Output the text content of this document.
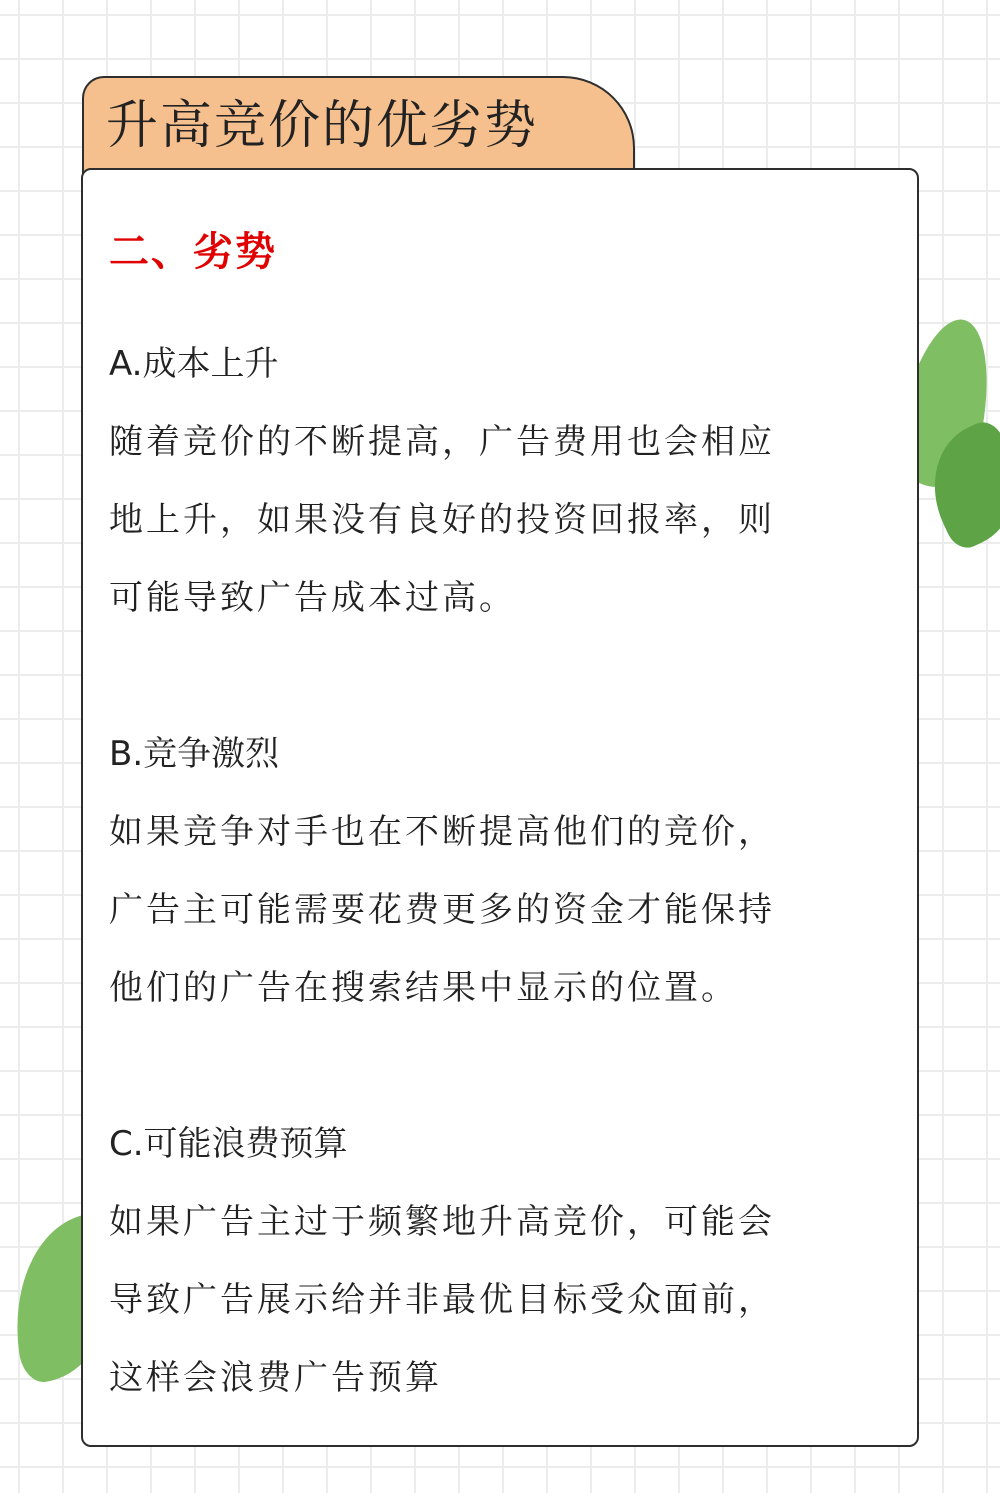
升高竞价的优劣势
二、劣势
A.成本上升

随着竞价的不断提高，广告费用也会相应

地上升，如果没有良好的投资回报率，则

可能导致广告成本过高。

B.竞争激烈

如果竞争对手也在不断提高他们的竞价，

广告主可能需要花费更多的资金才能保持

他们的广告在搜索结果中显示的位置。

C.可能浪费预算

如果广告主过于频繁地升高竞价，可能会

导致广告展示给并非最优目标受众面前，

这样会浪费广告预算
